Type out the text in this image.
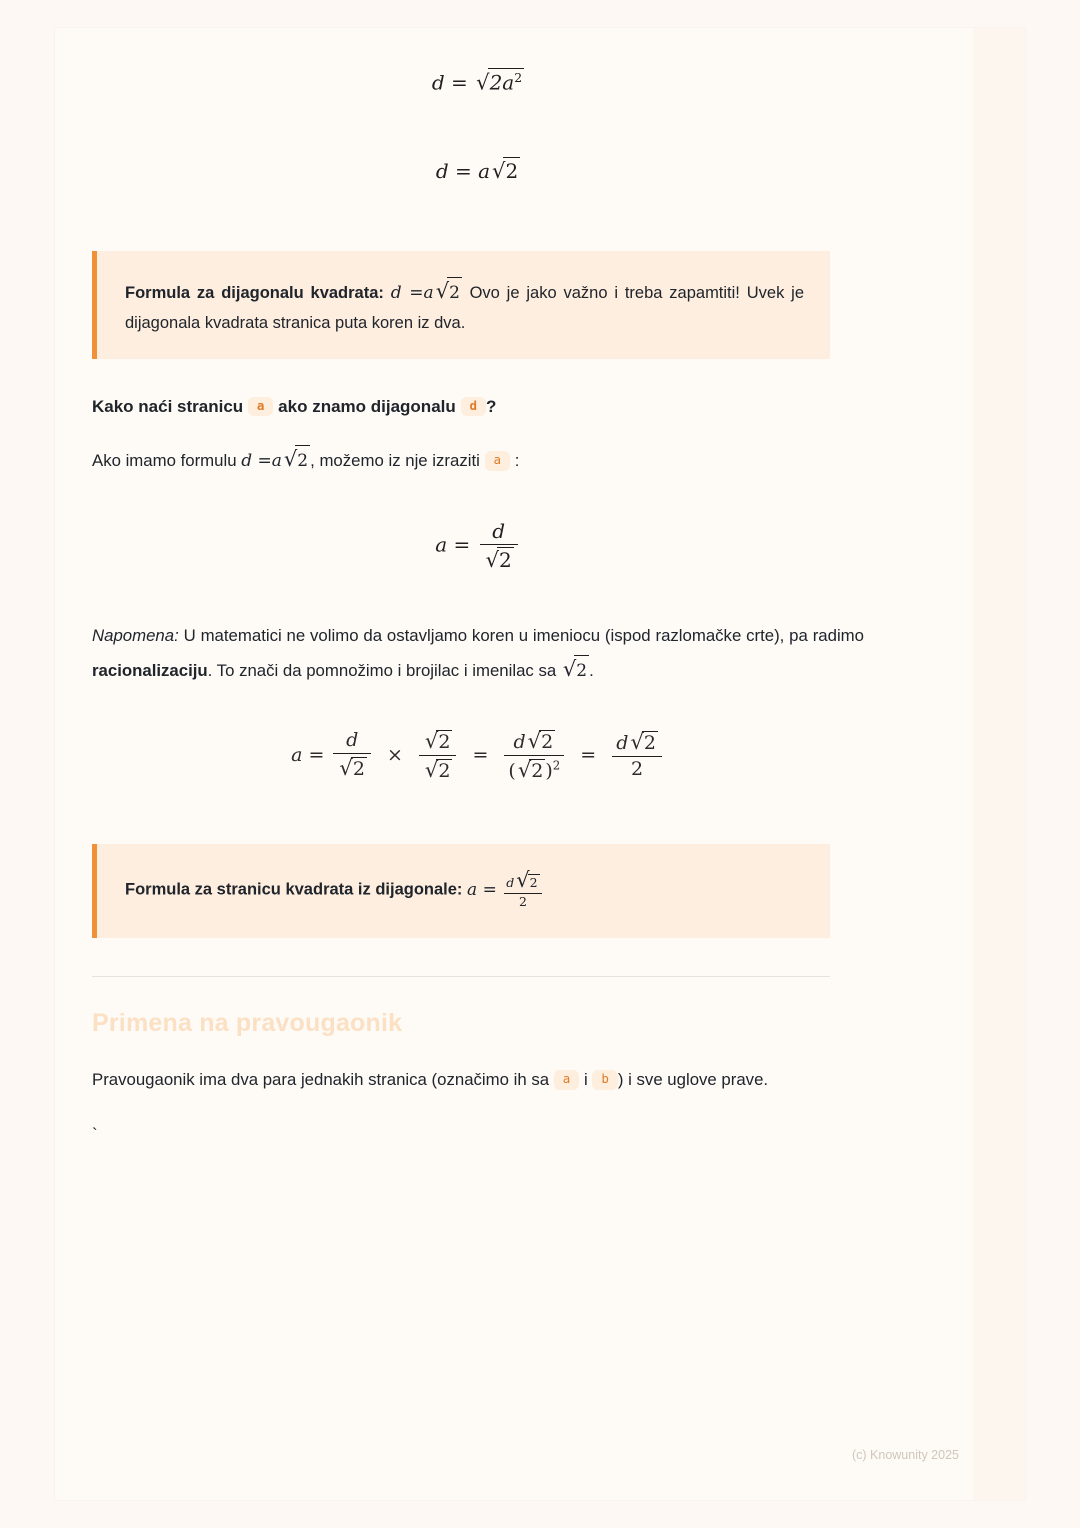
$d = √2a^2$
d = a√2
Formula za dijagonalu kvadrata: d =a√2 Ovo je jako važno i treba zapamtiti! Uvek je dijagonala kvadrata stranica puta koren iz dva.
Kako naći stranicu a ako znamo dijagonalu d ?

Ako imamo formulu d =a√2 , možemo iz nje izraziti a :

$a = \frac{d}{√2}$

Napomena: U matematici ne volimo da ostavljamo koren u imeniocu (ispod razlomačke crte), pa radimo racionalizaciju. To znači da pomnožimo i brojilac i imenilac sa √2 .

$a = \frac{d}{√2} \times \frac{√2}{√2} = \frac{d√2}{(√2 )^2} = \frac{d√2}{2}$
Formula za stranicu kvadrata iz dijagonale: $a = \frac{d√2}{2}$
Primena na pravougaonik

Pravougaonik ima dva para jednakih stranica (označimo ih sa a i b ) i sve uglove prave.

`
(c) Knowunity 2025
